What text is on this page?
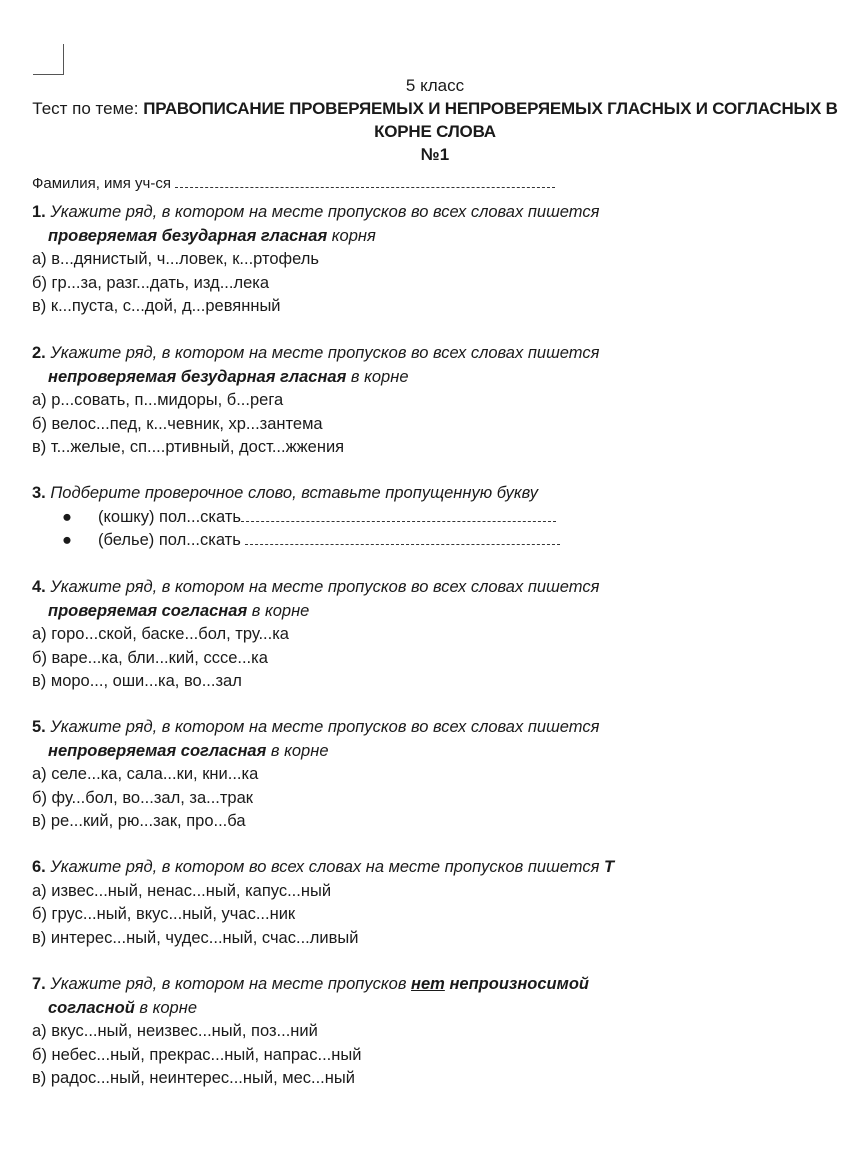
5 класс
Тест по теме: ПРАВОПИСАНИЕ ПРОВЕРЯЕМЫХ И НЕПРОВЕРЯЕМЫХ ГЛАСНЫХ И СОГЛАСНЫХ В КОРНЕ СЛОВА
№1
Фамилия, имя уч-ся
1. Укажите ряд, в котором на месте пропусков во всех словах пишется
проверяемая безударная гласная корня
а) в...дянистый, ч...ловек, к...ртофель
б) гр...за, разг...дать, изд...лека
в) к...пуста, с...дой, д...ревянный
2. Укажите ряд, в котором на месте пропусков во всех словах пишется
непроверяемая безударная гласная в корне
а) р...совать, п...мидоры, б...рега
б) велос...пед, к...чевник, хр...зантема
в) т...желые, сп....ртивный, дост...жжения
3. Подберите проверочное слово, вставьте пропущенную букву
● (кошку) пол...скать
● (белье) пол...скать
4. Укажите ряд, в котором на месте пропусков во всех словах пишется
проверяемая согласная в корне
а) горо...ской, баске...бол, тру...ка
б) варе...ка, бли...кий, ссce...ка
в) моро..., оши...ка, во...зал
5. Укажите ряд, в котором на месте пропусков во всех словах пишется
непроверяемая согласная в корне
а) селе...ка, сала...ки, кни...ка
б) фу...бол, во...зал, за...трак
в) ре...кий, рю...зак, про...ба
6. Укажите ряд, в котором во всех словах на месте пропусков пишется Т
а) извес...ный, ненас...ный, капус...ный
б) грус...ный, вкус...ный, учас...ник
в) интерес...ный, чудес...ный, счас...ливый
7. Укажите ряд, в котором на месте пропусков нет непроизносимой
согласной в корне
а) вкус...ный, неизвес...ный, поз...ний
б) небес...ный, прекрас...ный, напрас...ный
в) радос...ный, неинтерес...ный, мес...ный
